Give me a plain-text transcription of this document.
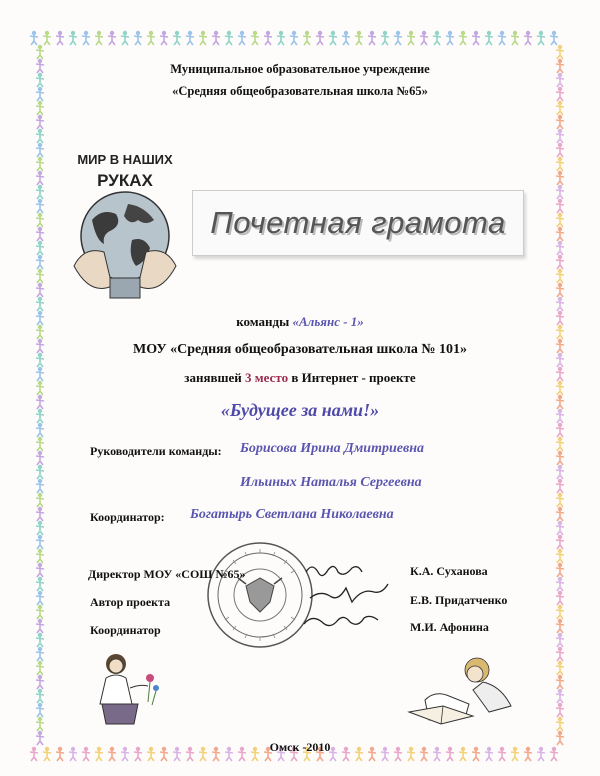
Муниципальное образовательное учреждение
«Средняя общеобразовательная школа №65»
МИР В НАШИХ
РУКАХ
Почетная грамота
команды «Альянс - 1»
МОУ «Средняя общеобразовательная школа № 101»
занявшей 3 место в Интернет - проекте
«Будущее за нами!»
Руководители команды: Борисова Ирина Дмитриевна
Ильиных Наталья Сергеевна
Координатор: Богатырь Светлана Николаевна
Директор МОУ «СОШ №65»	К.А. Суханова
Автор проекта	Е.В. Придатченко
Координатор	М.И. Афонина
Омск -2010
